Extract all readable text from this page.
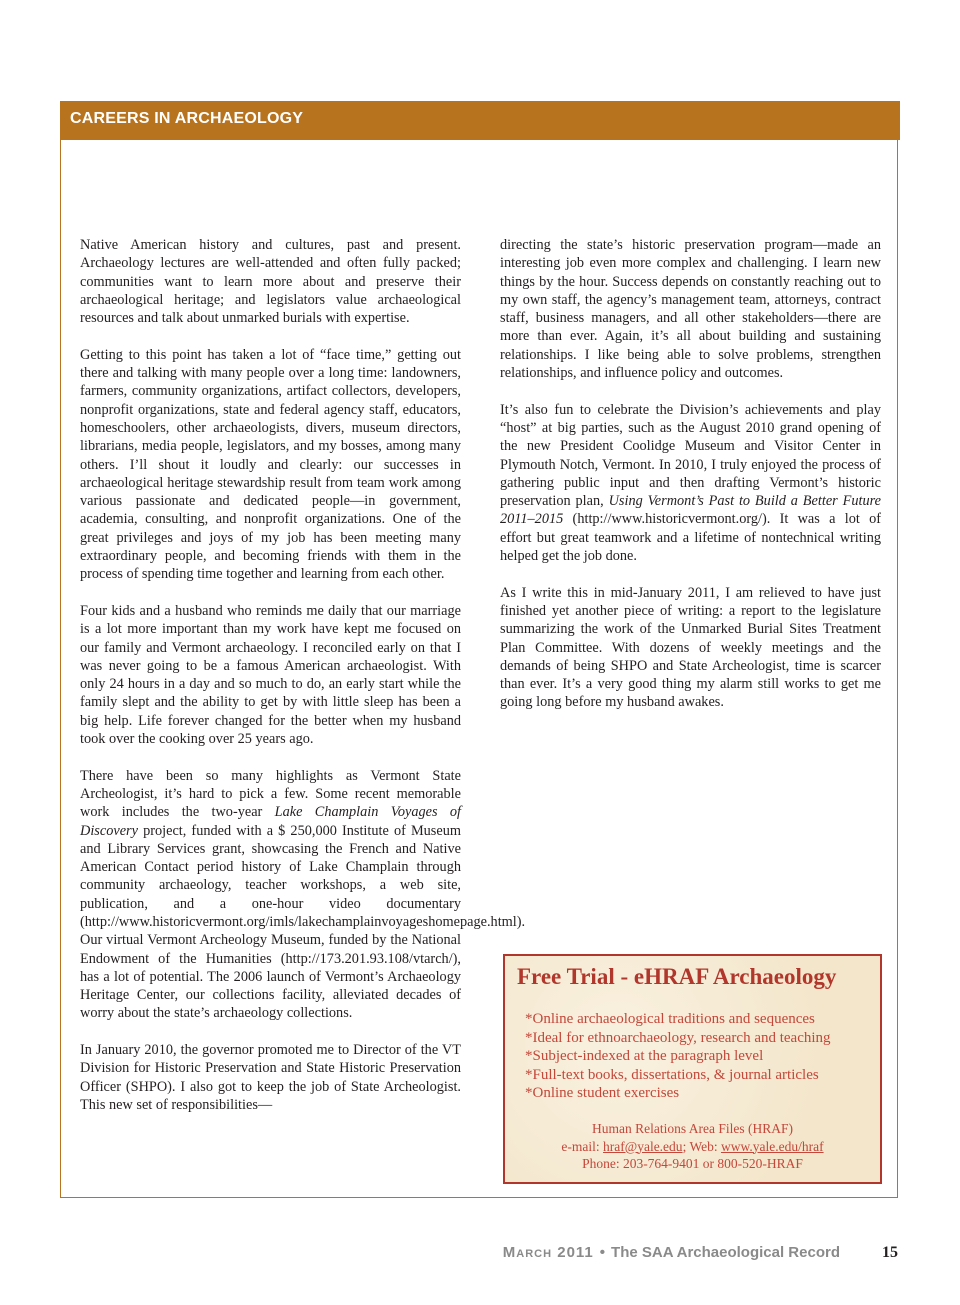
CAREERS IN ARCHAEOLOGY

Native American history and cultures, past and present. Archaeology lectures are well-attended and often fully packed; communities want to learn more about and preserve their archaeological heritage; and legislators value archaeological resources and talk about unmarked burials with expertise.

Getting to this point has taken a lot of “face time,” getting out there and talking with many people over a long time: landowners, farmers, community organizations, artifact collectors, developers, nonprofit organizations, state and federal agency staff, educators, homeschoolers, other archaeologists, divers, museum directors, librarians, media people, legislators, and my bosses, among many others. I’ll shout it loudly and clearly: our successes in archaeological heritage stewardship result from team work among various passionate and dedicated people—in government, academia, consulting, and nonprofit organizations. One of the great privileges and joys of my job has been meeting many extraordinary people, and becoming friends with them in the process of spending time together and learning from each other.

Four kids and a husband who reminds me daily that our marriage is a lot more important than my work have kept me focused on our family and Vermont archaeology. I reconciled early on that I was never going to be a famous American archaeologist. With only 24 hours in a day and so much to do, an early start while the family slept and the ability to get by with little sleep has been a big help. Life forever changed for the better when my husband took over the cooking over 25 years ago.

There have been so many highlights as Vermont State Archeologist, it’s hard to pick a few. Some recent memorable work includes the two-year Lake Champlain Voyages of Discovery project, funded with a $ 250,000 Institute of Museum and Library Services grant, showcasing the French and Native American Contact period history of Lake Champlain through community archaeology, teacher workshops, a web site, publication, and a one-hour video documentary (http://www.historicvermont.org/imls/lakechamplainvoyageshomepage.html). Our virtual Vermont Archeology Museum, funded by the National Endowment of the Humanities (http://173.201.93.108/vtarch/), has a lot of potential. The 2006 launch of Vermont’s Archaeology Heritage Center, our collections facility, alleviated decades of worry about the state’s archaeology collections.

In January 2010, the governor promoted me to Director of the VT Division for Historic Preservation and State Historic Preservation Officer (SHPO). I also got to keep the job of State Archeologist. This new set of responsibilities—

directing the state’s historic preservation program—made an interesting job even more complex and challenging. I learn new things by the hour. Success depends on constantly reaching out to my own staff, the agency’s management team, attorneys, contract staff, business managers, and all other stakeholders—there are more than ever. Again, it’s all about building and sustaining relationships. I like being able to solve problems, strengthen relationships, and influence policy and outcomes.

It’s also fun to celebrate the Division’s achievements and play “host” at big parties, such as the August 2010 grand opening of the new President Coolidge Museum and Visitor Center in Plymouth Notch, Vermont. In 2010, I truly enjoyed the process of gathering public input and then drafting Vermont’s historic preservation plan, Using Vermont’s Past to Build a Better Future 2011–2015 (http://www.historicvermont.org/). It was a lot of effort but great teamwork and a lifetime of nontechnical writing helped get the job done.

As I write this in mid-January 2011, I am relieved to have just finished yet another piece of writing: a report to the legislature summarizing the work of the Unmarked Burial Sites Treatment Plan Committee. With dozens of weekly meetings and the demands of being SHPO and State Archeologist, time is scarcer than ever. It’s a very good thing my alarm still works to get me going long before my husband awakes.

Free Trial - eHRAF Archaeology
*Online archaeological traditions and sequences
*Ideal for ethnoarchaeology, research and teaching
*Subject-indexed at the paragraph level
*Full-text books, dissertations, & journal articles
*Online student exercises
Human Relations Area Files (HRAF)
e-mail: hraf@yale.edu; Web: www.yale.edu/hraf
Phone: 203-764-9401 or 800-520-HRAF
March 2011 • The SAA Archaeological Record	15
